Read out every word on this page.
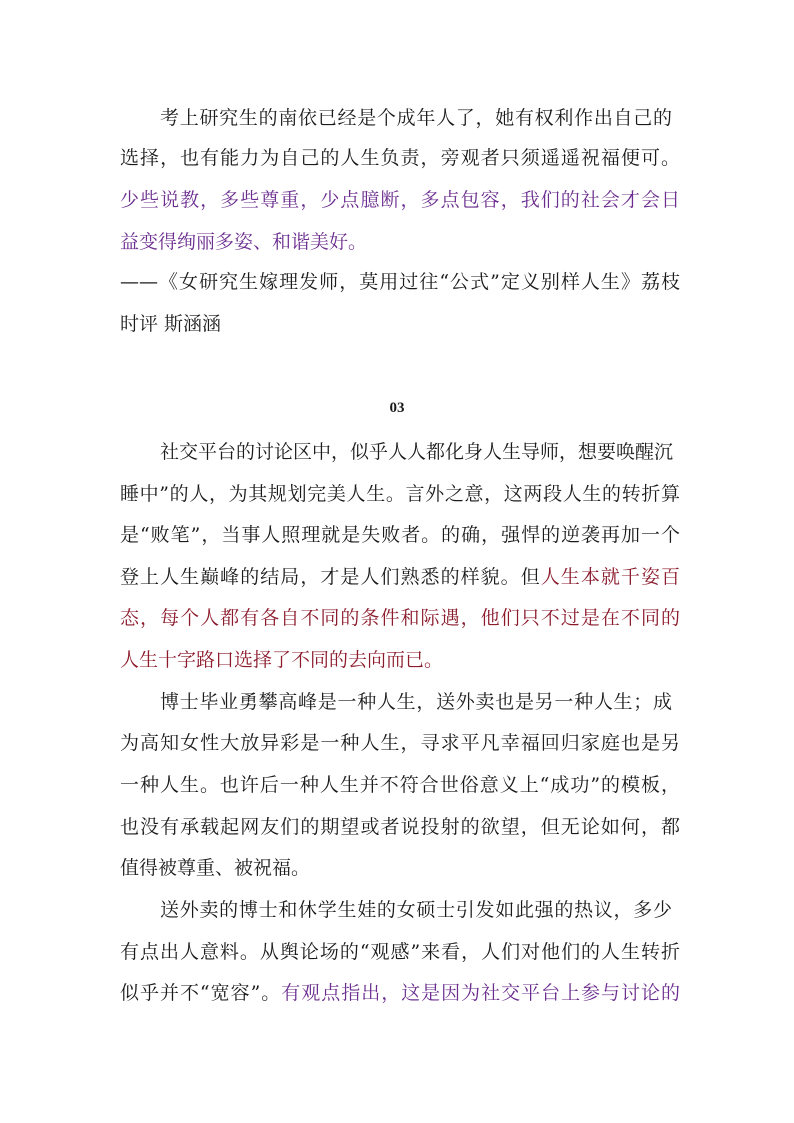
考上研究生的南依已经是个成年人了，她有权利作出自己的
选择，也有能力为自己的人生负责，旁观者只须遥遥祝福便可。
少些说教，多些尊重，少点臆断，多点包容，我们的社会才会日
益变得绚丽多姿、和谐美好。
——《女研究生嫁理发师，莫用过往“公式”定义别样人生》荔枝
时评 斯涵涵
03
社交平台的讨论区中，似乎人人都化身人生导师，想要唤醒沉
睡中”的人，为其规划完美人生。言外之意，这两段人生的转折算
是“败笔”，当事人照理就是失败者。的确，强悍的逆袭再加一个
登上人生巅峰的结局，才是人们熟悉的样貌。但人生本就千姿百
态，每个人都有各自不同的条件和际遇，他们只不过是在不同的
人生十字路口选择了不同的去向而已。
博士毕业勇攀高峰是一种人生，送外卖也是另一种人生；成
为高知女性大放异彩是一种人生，寻求平凡幸福回归家庭也是另
一种人生。也许后一种人生并不符合世俗意义上“成功”的模板，
也没有承载起网友们的期望或者说投射的欲望，但无论如何，都
值得被尊重、被祝福。
送外卖的博士和休学生娃的女硕士引发如此强的热议，多少
有点出人意料。从舆论场的“观感”来看，人们对他们的人生转折
似乎并不“宽容”。有观点指出，这是因为社交平台上参与讨论的
